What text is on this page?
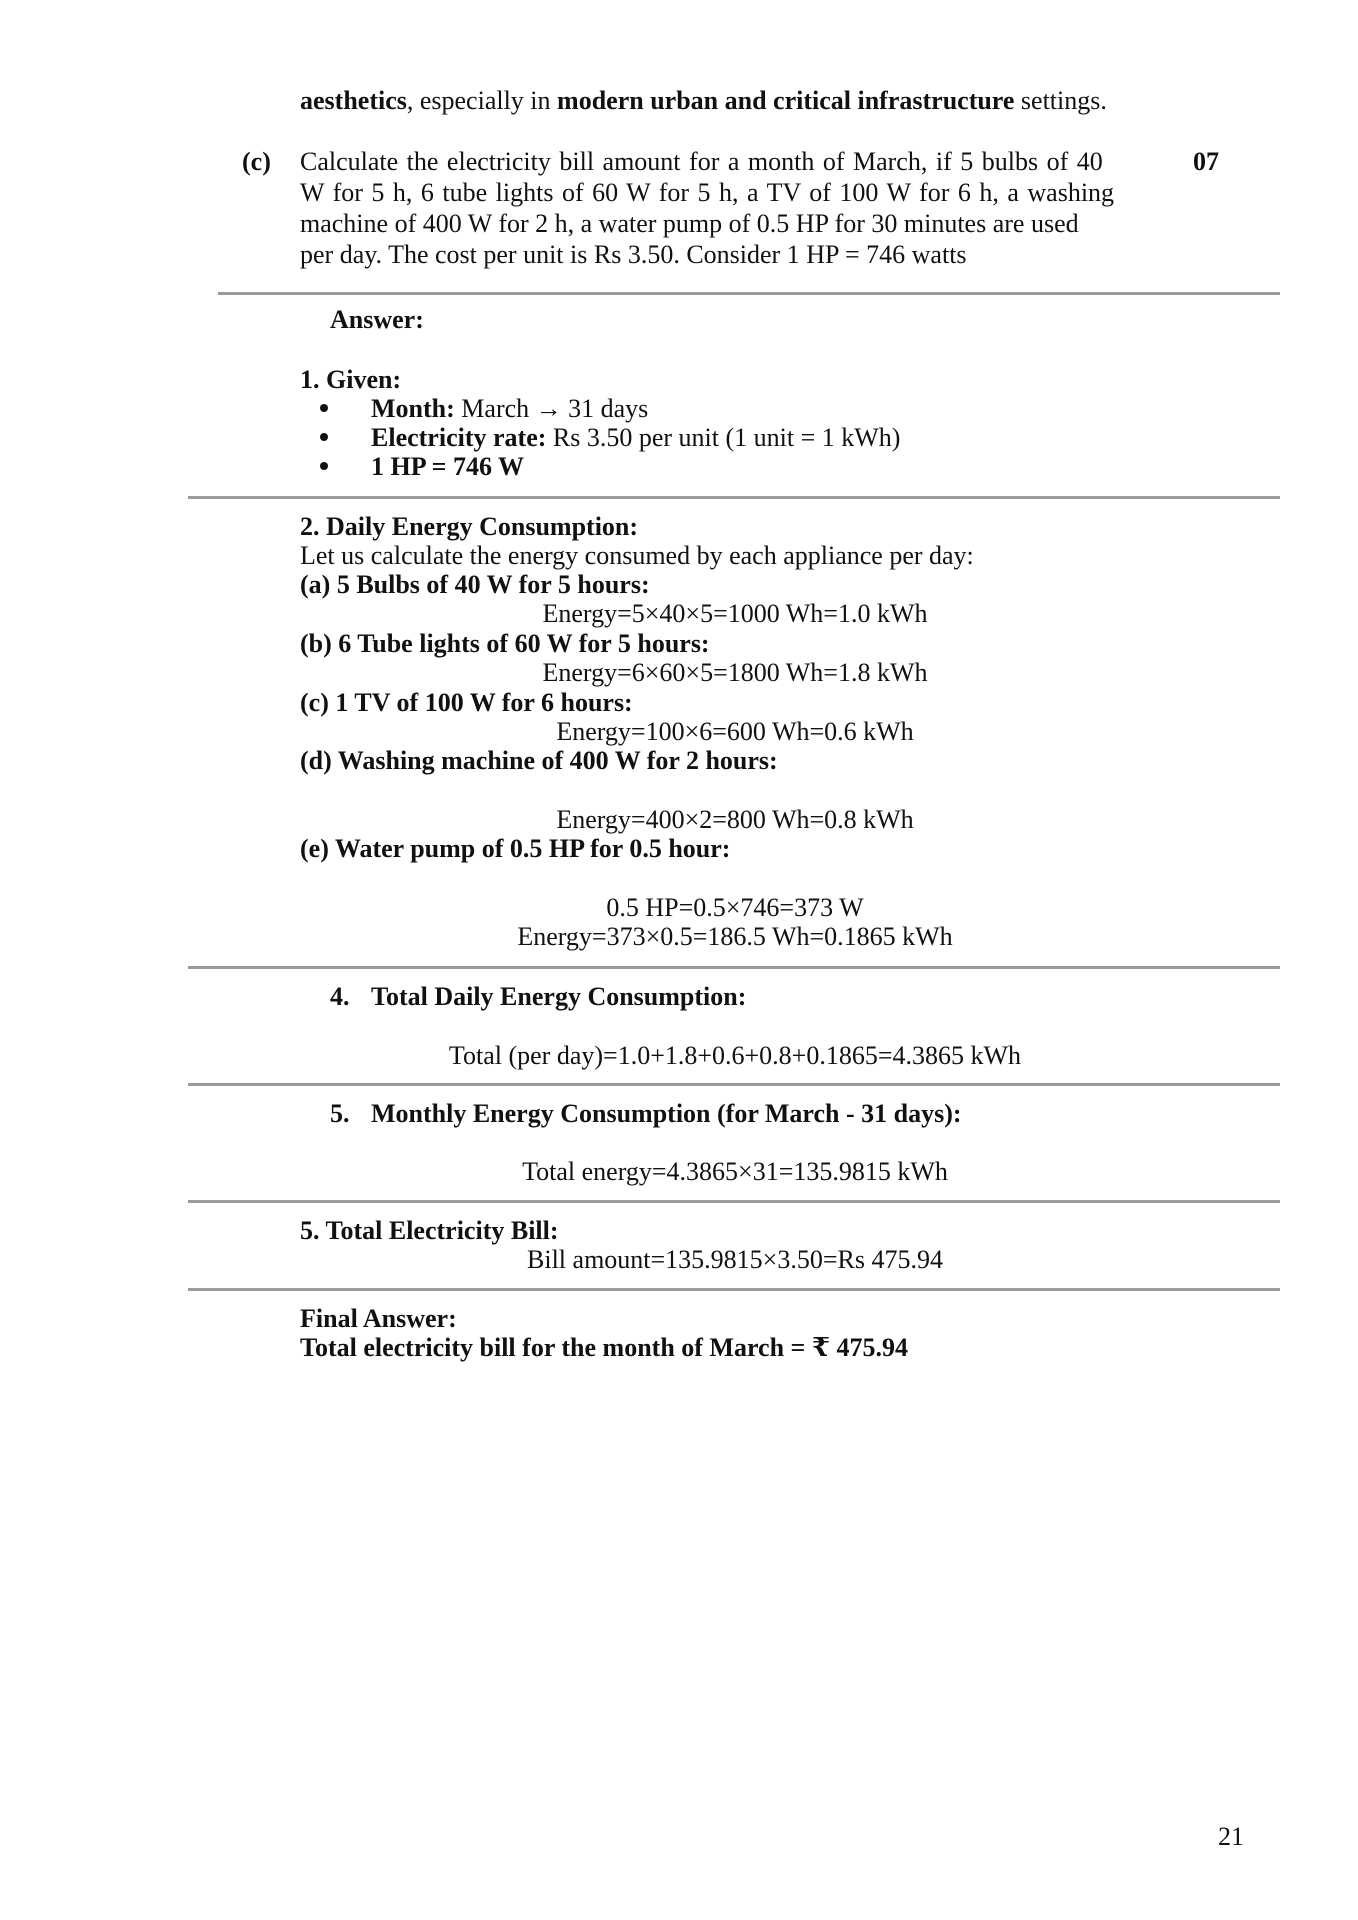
aesthetics, especially in modern urban and critical infrastructure settings.
(c)	07
Calculate the electricity bill amount for a month of March, if 5 bulbs of 40
W for 5 h, 6 tube lights of 60 W for 5 h, a TV of 100 W for 6 h, a washing
machine of 400 W for 2 h, a water pump of 0.5 HP for 30 minutes are used
per day. The cost per unit is Rs 3.50. Consider 1 HP = 746 watts
Answer:
1. Given:
Month: March → 31 days
Electricity rate: Rs 3.50 per unit (1 unit = 1 kWh)
1 HP = 746 W
2. Daily Energy Consumption:
Let us calculate the energy consumed by each appliance per day:
(a) 5 Bulbs of 40 W for 5 hours:
Energy=5×40×5=1000 Wh=1.0 kWh
(b) 6 Tube lights of 60 W for 5 hours:
Energy=6×60×5=1800 Wh=1.8 kWh
(c) 1 TV of 100 W for 6 hours:
Energy=100×6=600 Wh=0.6 kWh
(d) Washing machine of 400 W for 2 hours:
Energy=400×2=800 Wh=0.8 kWh
(e) Water pump of 0.5 HP for 0.5 hour:
0.5 HP=0.5×746=373 W
Energy=373×0.5=186.5 Wh=0.1865 kWh
4. Total Daily Energy Consumption:
Total (per day)=1.0+1.8+0.6+0.8+0.1865=4.3865 kWh
5. Monthly Energy Consumption (for March - 31 days):
Total energy=4.3865×31=135.9815 kWh
5. Total Electricity Bill:
Bill amount=135.9815×3.50=Rs 475.94
Final Answer:
Total electricity bill for the month of March = ₹ 475.94
21
